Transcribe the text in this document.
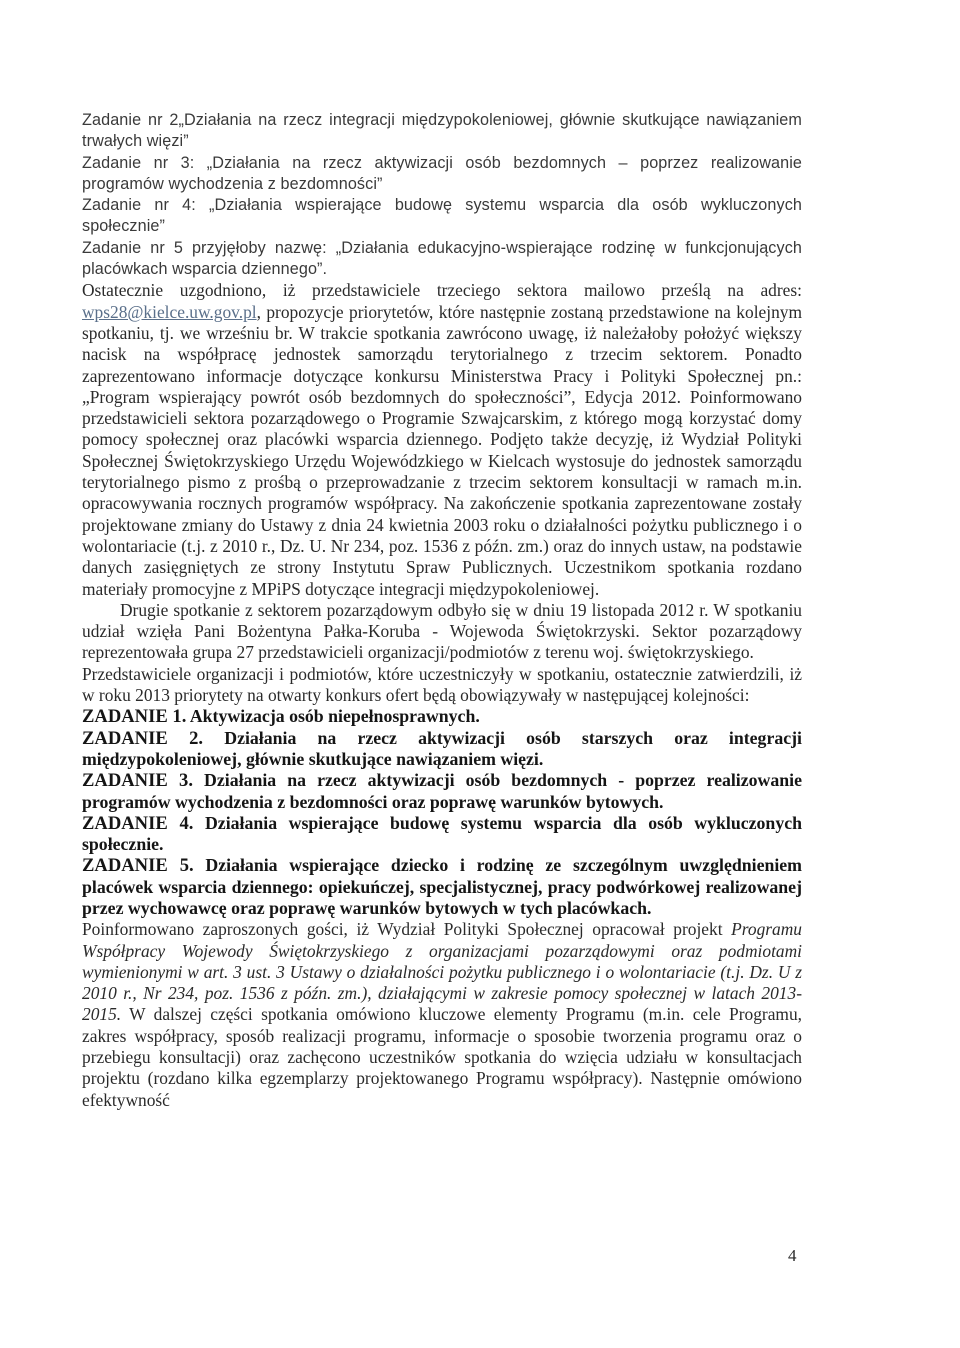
Zadanie nr 2„Działania na rzecz integracji międzypokoleniowej, głównie skutkujące nawiązaniem trwałych więzi”

Zadanie nr 3: „Działania na rzecz aktywizacji osób bezdomnych – poprzez realizowanie programów wychodzenia z bezdomności”

Zadanie nr 4: „Działania wspierające budowę systemu wsparcia dla osób wykluczonych społecznie”

Zadanie nr 5 przyjęłoby nazwę: „Działania edukacyjno-wspierające rodzinę w funkcjonujących placówkach wsparcia dziennego”.

Ostatecznie uzgodniono, iż przedstawiciele trzeciego sektora mailowo prześlą na adres: wps28@kielce.uw.gov.pl, propozycje priorytetów, które następnie zostaną przedstawione na kolejnym spotkaniu, tj. we wrześniu br. W trakcie spotkania zawrócono uwagę, iż należałoby położyć większy nacisk na współpracę jednostek samorządu terytorialnego z trzecim sektorem. Ponadto zaprezentowano informacje dotyczące konkursu Ministerstwa Pracy i Polityki Społecznej pn.: „Program wspierający powrót osób bezdomnych do społeczności”, Edycja 2012. Poinformowano przedstawicieli sektora pozarządowego o Programie Szwajcarskim, z którego mogą korzystać domy pomocy społecznej oraz placówki wsparcia dziennego. Podjęto także decyzję, iż Wydział Polityki Społecznej Świętokrzyskiego Urzędu Wojewódzkiego w Kielcach wystosuje do jednostek samorządu terytorialnego pismo z prośbą o przeprowadzanie z trzecim sektorem konsultacji w ramach m.in. opracowywania rocznych programów współpracy. Na zakończenie spotkania zaprezentowane zostały projektowane zmiany do Ustawy z dnia 24 kwietnia 2003 roku o działalności pożytku publicznego i o wolontariacie (t.j. z 2010 r., Dz. U. Nr 234, poz. 1536 z późn. zm.) oraz do innych ustaw, na podstawie danych zasięgniętych ze strony Instytutu Spraw Publicznych. Uczestnikom spotkania rozdano materiały promocyjne z MPiPS dotyczące integracji międzypokoleniowej.

Drugie spotkanie z sektorem pozarządowym odbyło się w dniu 19 listopada 2012 r. W spotkaniu udział wzięła Pani Bożentyna Pałka-Koruba - Wojewoda Świętokrzyski. Sektor pozarządowy reprezentowała grupa 27 przedstawicieli organizacji/podmiotów z terenu woj. świętokrzyskiego.

Przedstawiciele organizacji i podmiotów, które uczestniczyły w spotkaniu, ostatecznie zatwierdzili, iż w roku 2013 priorytety na otwarty konkurs ofert będą obowiązywały w następującej kolejności:

ZADANIE 1. Aktywizacja osób niepełnosprawnych.

ZADANIE 2. Działania na rzecz aktywizacji osób starszych oraz integracji międzypokoleniowej, głównie skutkujące nawiązaniem więzi.

ZADANIE 3. Działania na rzecz aktywizacji osób bezdomnych - poprzez realizowanie programów wychodzenia z bezdomności oraz poprawę warunków bytowych.

ZADANIE 4. Działania wspierające budowę systemu wsparcia dla osób wykluczonych społecznie.

ZADANIE 5. Działania wspierające dziecko i rodzinę ze szczególnym uwzględnieniem placówek wsparcia dziennego: opiekuńczej, specjalistycznej, pracy podwórkowej realizowanej przez wychowawcę oraz poprawę warunków bytowych w tych placówkach.

Poinformowano zaproszonych gości, iż Wydział Polityki Społecznej opracował projekt Programu Współpracy Wojewody Świętokrzyskiego z organizacjami pozarządowymi oraz podmiotami wymienionymi w art. 3 ust. 3 Ustawy o działalności pożytku publicznego i o wolontariacie (t.j. Dz. U z 2010 r., Nr 234, poz. 1536 z późn. zm.), działającymi w zakresie pomocy społecznej w latach 2013-2015. W dalszej części spotkania omówiono kluczowe elementy Programu (m.in. cele Programu, zakres współpracy, sposób realizacji programu, informacje o sposobie tworzenia programu oraz o przebiegu konsultacji) oraz zachęcono uczestników spotkania do wzięcia udziału w konsultacjach projektu (rozdano kilka egzemplarzy projektowanego Programu współpracy). Następnie omówiono efektywność

4
